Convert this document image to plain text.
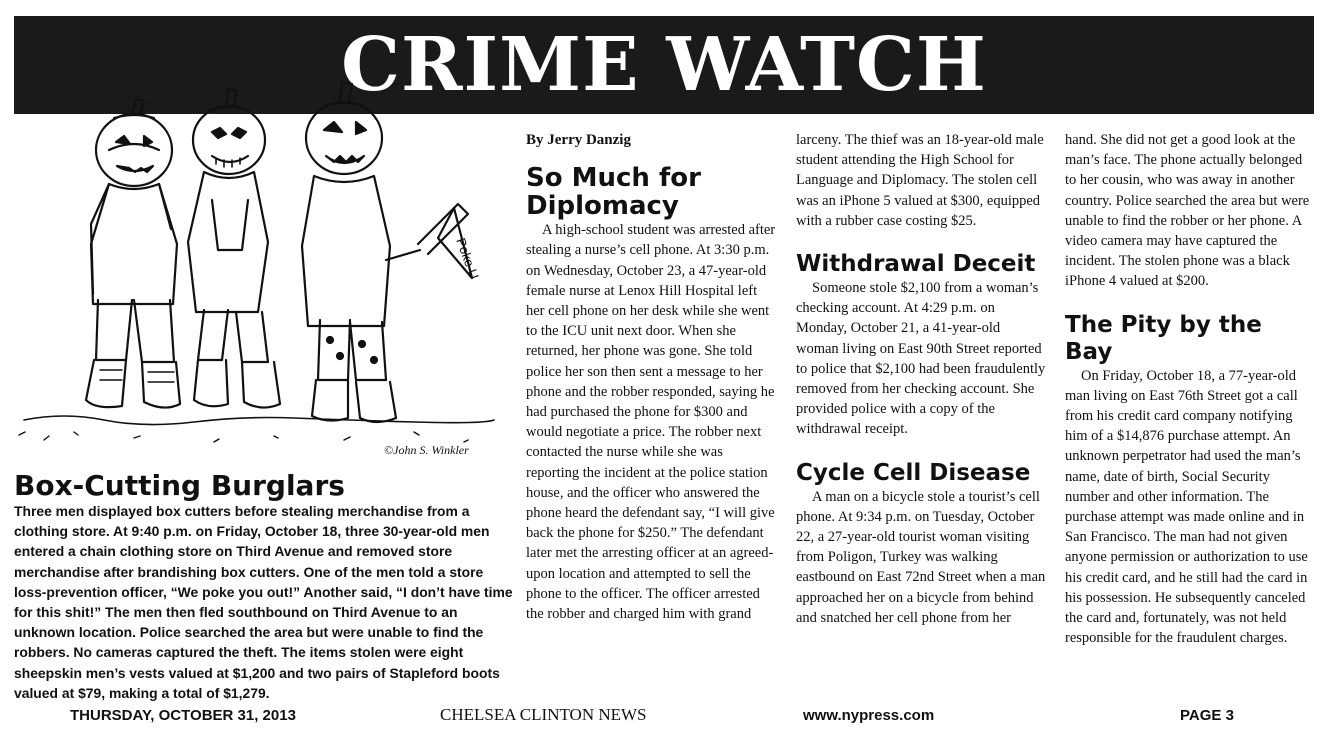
CRIME WATCH
Poke U
©John S. Winkler
Box-Cutting Burglars

Three men displayed box cutters before stealing merchandise from a clothing store. At 9:40 p.m. on Friday, October 18, three 30-year-old men entered a chain clothing store on Third Avenue and removed store merchandise after brandishing box cutters. One of the men told a store loss-prevention officer, “We poke you out!” Another said, “I don’t have time for this shit!” The men then fled southbound on Third Avenue to an unknown location. Police searched the area but were unable to find the robbers. No cameras captured the theft. The items stolen were eight sheepskin men’s vests valued at $1,200 and two pairs of Stapleford boots valued at $79, making a total of $1,279.

By Jerry Danzig
So Much for Diplomacy

A high-school student was arrested after stealing a nurse’s cell phone. At 3:30 p.m. on Wednesday, October 23, a 47-year-old female nurse at Lenox Hill Hospital left her cell phone on her desk while she went to the ICU unit next door. When she returned, her phone was gone. She told police her son then sent a message to her phone and the robber responded, saying he had purchased the phone for $300 and would negotiate a price. The robber next contacted the nurse while she was reporting the incident at the police station house, and the officer who answered the phone heard the defendant say, “I will give back the phone for $250.” The defendant later met the arresting officer at an agreed-upon location and attempted to sell the phone to the officer. The officer arrested the robber and charged him with grand

larceny. The thief was an 18-year-old male student attending the High School for Language and Diplomacy. The stolen cell was an iPhone 5 valued at $300, equipped with a rubber case costing $25.

Withdrawal Deceit

Someone stole $2,100 from a woman’s checking account. At 4:29 p.m. on Monday, October 21, a 41-year-old woman living on East 90th Street reported to police that $2,100 had been fraudulently removed from her checking account. She provided police with a copy of the withdrawal receipt.

Cycle Cell Disease

A man on a bicycle stole a tourist’s cell phone. At 9:34 p.m. on Tuesday, October 22, a 27-year-old tourist woman visiting from Poligon, Turkey was walking eastbound on East 72nd Street when a man approached her on a bicycle from behind and snatched her cell phone from her

hand. She did not get a good look at the man’s face. The phone actually belonged to her cousin, who was away in another country. Police searched the area but were unable to find the robber or her phone. A video camera may have captured the incident. The stolen phone was a black iPhone 4 valued at $200.

The Pity by the Bay

On Friday, October 18, a 77-year-old man living on East 76th Street got a call from his credit card company notifying him of a $14,876 purchase attempt. An unknown perpetrator had used the man’s name, date of birth, Social Security number and other information. The purchase attempt was made online and in San Francisco. The man had not given anyone permission or authorization to use his credit card, and he still had the card in his possession. He subsequently canceled the card and, fortunately, was not held responsible for the fraudulent charges.

THURSDAY, OCTOBER 31, 2013	CHELSEA CLINTON NEWS	www.nypress.com	PAGE 3
